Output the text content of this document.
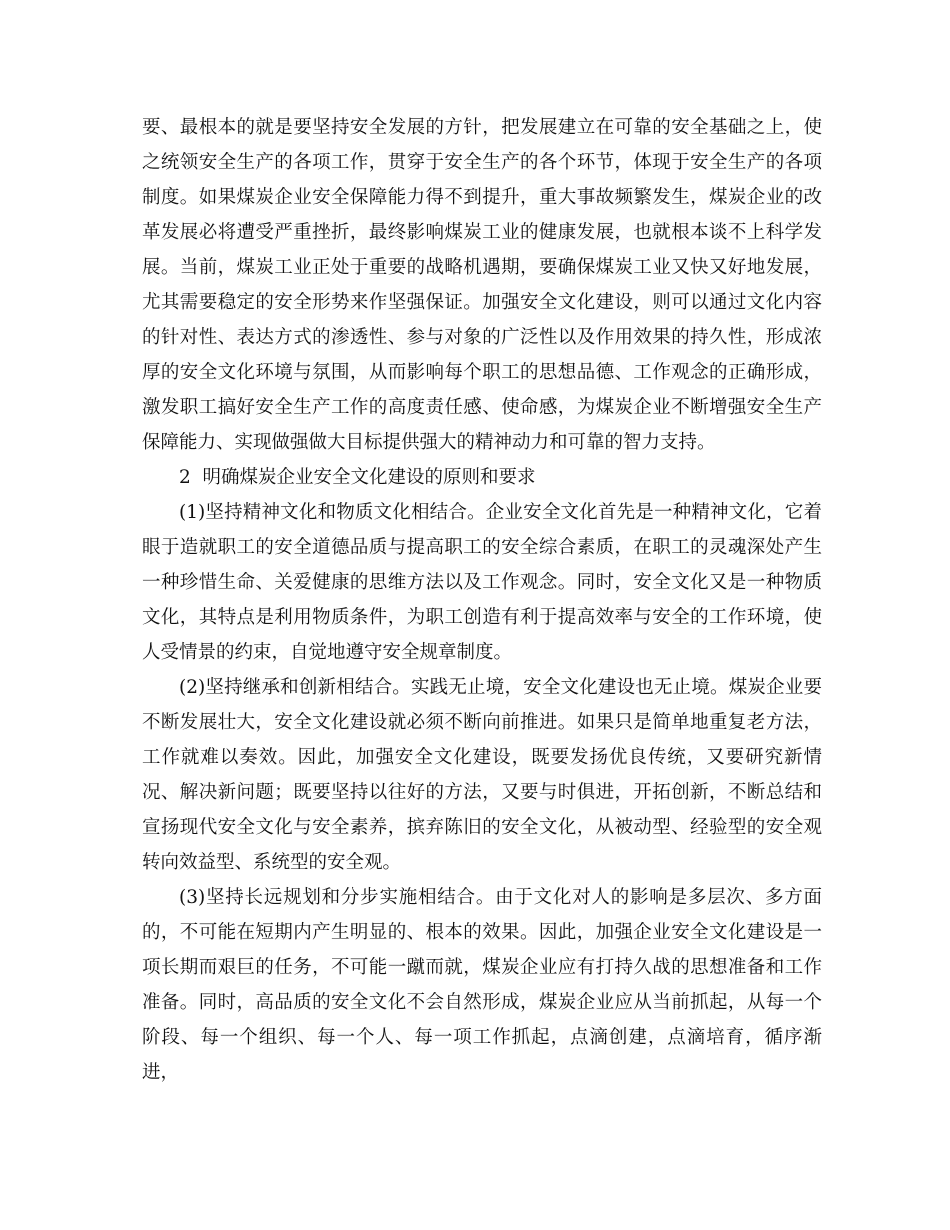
要、最根本的就是要坚持安全发展的方针，把发展建立在可靠的安全基础之上，使之统领安全生产的各项工作，贯穿于安全生产的各个环节，体现于安全生产的各项制度。如果煤炭企业安全保障能力得不到提升，重大事故频繁发生，煤炭企业的改革发展必将遭受严重挫折，最终影响煤炭工业的健康发展，也就根本谈不上科学发展。当前，煤炭工业正处于重要的战略机遇期，要确保煤炭工业又快又好地发展，尤其需要稳定的安全形势来作坚强保证。加强安全文化建设，则可以通过文化内容的针对性、表达方式的渗透性、参与对象的广泛性以及作用效果的持久性，形成浓厚的安全文化环境与氛围，从而影响每个职工的思想品德、工作观念的正确形成，激发职工搞好安全生产工作的高度责任感、使命感，为煤炭企业不断增强安全生产保障能力、实现做强做大目标提供强大的精神动力和可靠的智力支持。

2  明确煤炭企业安全文化建设的原则和要求

(1)坚持精神文化和物质文化相结合。企业安全文化首先是一种精神文化，它着眼于造就职工的安全道德品质与提高职工的安全综合素质，在职工的灵魂深处产生一种珍惜生命、关爱健康的思维方法以及工作观念。同时，安全文化又是一种物质文化，其特点是利用物质条件，为职工创造有利于提高效率与安全的工作环境，使人受情景的约束，自觉地遵守安全规章制度。

(2)坚持继承和创新相结合。实践无止境，安全文化建设也无止境。煤炭企业要不断发展壮大，安全文化建设就必须不断向前推进。如果只是简单地重复老方法，工作就难以奏效。因此，加强安全文化建设，既要发扬优良传统，又要研究新情况、解决新问题；既要坚持以往好的方法，又要与时俱进，开拓创新，不断总结和宣扬现代安全文化与安全素养，摈弃陈旧的安全文化，从被动型、经验型的安全观转向效益型、系统型的安全观。

(3)坚持长远规划和分步实施相结合。由于文化对人的影响是多层次、多方面的，不可能在短期内产生明显的、根本的效果。因此，加强企业安全文化建设是一项长期而艰巨的任务，不可能一蹴而就，煤炭企业应有打持久战的思想准备和工作准备。同时，高品质的安全文化不会自然形成，煤炭企业应从当前抓起，从每一个阶段、每一个组织、每一个人、每一项工作抓起，点滴创建，点滴培育，循序渐进，
